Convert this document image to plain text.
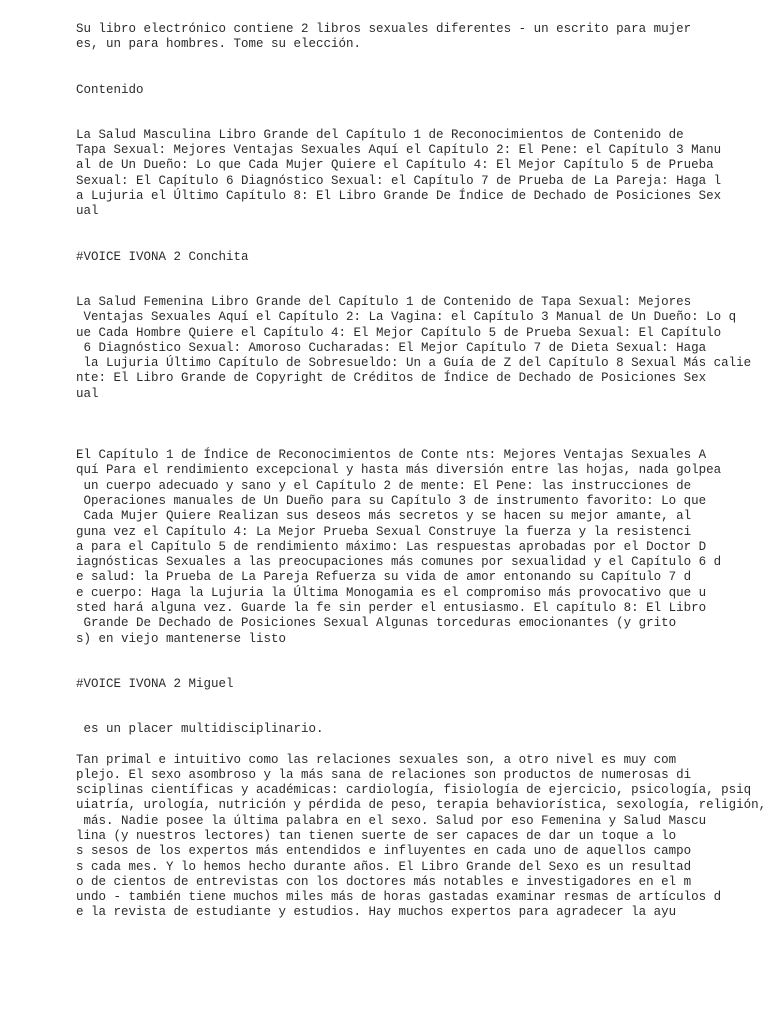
Su libro electrónico contiene 2 libros sexuales diferentes - un escrito para mujer
es, un para hombres. Tome su elección.
Contenido
La Salud Masculina Libro Grande del Capítulo 1 de Reconocimientos de Contenido de
Tapa Sexual: Mejores Ventajas Sexuales Aquí el Capítulo 2: El Pene: el Capítulo 3 Manu
al de Un Dueño: Lo que Cada Mujer Quiere el Capítulo 4: El Mejor Capítulo 5 de Prueba
Sexual: El Capítulo 6 Diagnóstico Sexual: el Capítulo 7 de Prueba de La Pareja: Haga l
a Lujuria el Último Capítulo 8: El Libro Grande De Índice de Dechado de Posiciones Sex
ual
#VOICE IVONA 2 Conchita
La Salud Femenina Libro Grande del Capítulo 1 de Contenido de Tapa Sexual: Mejores
Ventajas Sexuales Aquí el Capítulo 2: La Vagina: el Capítulo 3 Manual de Un Dueño: Lo q
ue Cada Hombre Quiere el Capítulo 4: El Mejor Capítulo 5 de Prueba Sexual: El Capítulo
6 Diagnóstico Sexual: Amoroso Cucharadas: El Mejor Capítulo 7 de Dieta Sexual: Haga
la Lujuria Último Capítulo de Sobresueldo: Un a Guía de Z del Capítulo 8 Sexual Más calie
nte: El Libro Grande de Copyright de Créditos de Índice de Dechado de Posiciones Sex
ual
El Capítulo 1 de Índice de Reconocimientos de Conte nts: Mejores Ventajas Sexuales A
quí Para el rendimiento excepcional y hasta más diversión entre las hojas, nada golpea
un cuerpo adecuado y sano y el Capítulo 2 de mente: El Pene: las instrucciones de
Operaciones manuales de Un Dueño para su Capítulo 3 de instrumento favorito: Lo que
Cada Mujer Quiere Realizan sus deseos más secretos y se hacen su mejor amante, al
guna vez el Capítulo 4: La Mejor Prueba Sexual Construye la fuerza y la resistenci
a para el Capítulo 5 de rendimiento máximo: Las respuestas aprobadas por el Doctor D
iagnósticas Sexuales a las preocupaciones más comunes por sexualidad y el Capítulo 6 d
e salud: la Prueba de La Pareja Refuerza su vida de amor entonando su Capítulo 7 d
e cuerpo: Haga la Lujuria la Última Monogamia es el compromiso más provocativo que u
sted hará alguna vez. Guarde la fe sin perder el entusiasmo. El capítulo 8: El Libro
Grande De Dechado de Posiciones Sexual Algunas torceduras emocionantes (y grito
s) en viejo mantenerse listo
#VOICE IVONA 2 Miguel
es un placer multidisciplinario.
Tan primal e intuitivo como las relaciones sexuales son, a otro nivel es muy com
plejo. El sexo asombroso y la más sana de relaciones son productos de numerosas di
sciplinas científicas y académicas: cardiología, fisiología de ejercicio, psicología, psiq
uiatría, urología, nutrición y pérdida de peso, terapia behaviorística, sexología, religión,
más. Nadie posee la última palabra en el sexo. Salud por eso Femenina y Salud Mascu
lina (y nuestros lectores) tan tienen suerte de ser capaces de dar un toque a lo
s sesos de los expertos más entendidos e influyentes en cada uno de aquellos campo
s cada mes. Y lo hemos hecho durante años. El Libro Grande del Sexo es un resultad
o de cientos de entrevistas con los doctores más notables e investigadores en el m
undo - también tiene muchos miles más de horas gastadas examinar resmas de artículos d
e la revista de estudiante y estudios. Hay muchos expertos para agradecer la ayu
